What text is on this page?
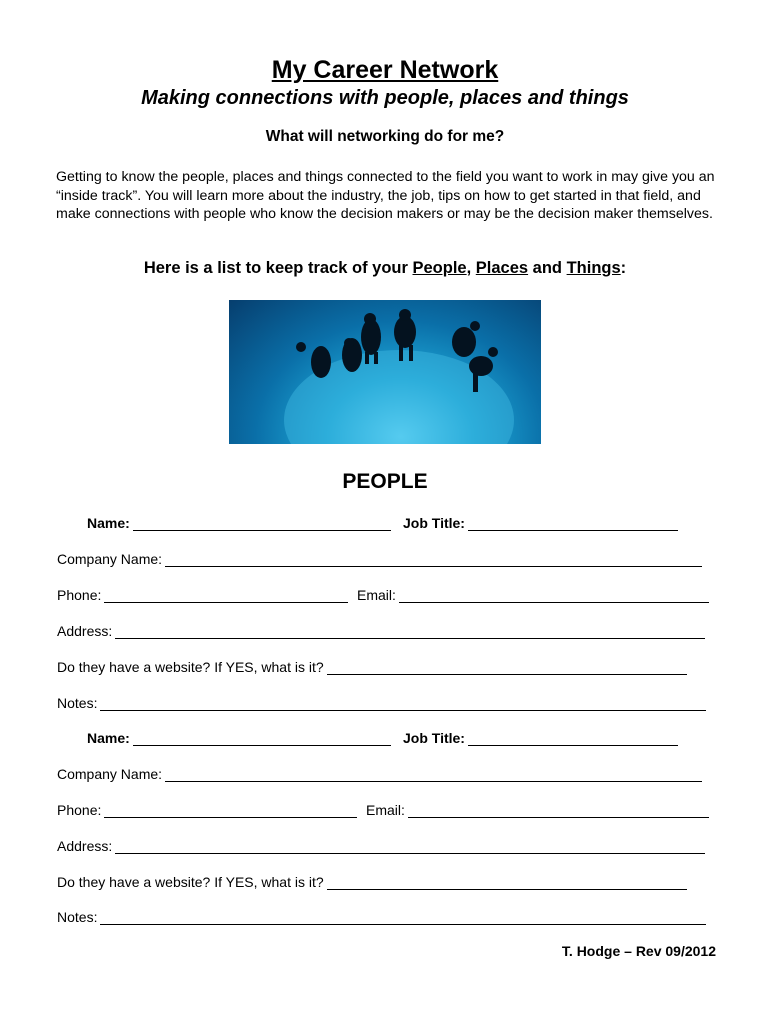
My Career Network
Making connections with people, places and things
What will networking do for me?
Getting to know the people, places and things connected to the field you want to work in may give you an “inside track”. You will learn more about the industry, the job, tips on how to get started in that field, and make connections with people who know the decision makers or may be the decision maker themselves.
Here is a list to keep track of your People, Places and Things:
PEOPLE
Name:	Job Title:
Company Name:
Phone:	Email:
Address:
Do they have a website? If YES, what is it?
Notes:
Name:	Job Title:
Company Name:
Phone:	Email:
Address:
Do they have a website? If YES, what is it?
Notes:
T. Hodge – Rev 09/2012
